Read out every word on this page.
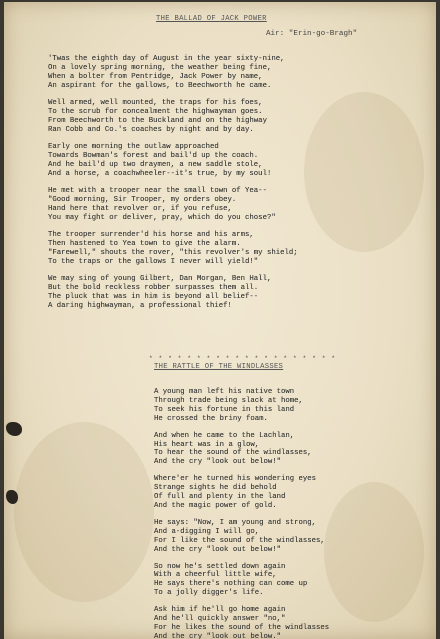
THE BALLAD OF JACK POWER
Air: "Erin-go-Bragh"
'Twas the eighth day of August in the year sixty-nine,
On a lovely spring morning, the weather being fine,
When a bolter from Pentridge, Jack Power by name,
An aspirant for the gallows, to Beechworth he came.
Well armed, well mounted, the traps for his foes,
To the scrub for concealment the highwayman goes.
From Beechworth to the Buckland and on the highway
Ran Cobb and Co.'s coaches by night and by day.
Early one morning the outlaw approached
Towards Bowman's forest and bail'd up the coach.
And he bail'd up two draymen, a new saddle stole,
And a horse, a coachwheeler--it's true, by my soul!
He met with a trooper near the small town of Yea--
"Good morning, Sir Trooper, my orders obey.
Hand here that revolver or, if you refuse,
You may fight or deliver, pray, which do you chose?"
The trooper surrender'd his horse and his arms,
Then hastened to Yea town to give the alarm.
"Farewell," shouts the rover, "this revolver's my shield;
To the traps or the gallows I never will yield!"
We may sing of young Gilbert, Dan Morgan, Ben Hall,
But the bold reckless robber surpasses them all.
The pluck that was in him is beyond all belief--
A daring highwayman, a professional thief!
* * * * * * * * * * * * * * * * * * * *
THE RATTLE OF THE WINDLASSES
A young man left his native town
Through trade being slack at home,
To seek his fortune in this land
He crossed the briny foam.
And when he came to the Lachlan,
His heart was in a glow,
To hear the sound of the windlasses,
And the cry "look out below!"
Where'er he turned his wondering eyes
Strange sights he did behold
Of full and plenty in the land
And the magic power of gold.
He says: "Now, I am young and strong,
And a-digging I will go,
For I like the sound of the windlasses,
And the cry "look out below!"
So now he's settled down again
With a cheerful little wife,
He says there's nothing can come up
To a jolly digger's life.
Ask him if he'll go home again
And he'll quickly answer "no,"
For he likes the sound of the windlasses
And the cry "look out below."
